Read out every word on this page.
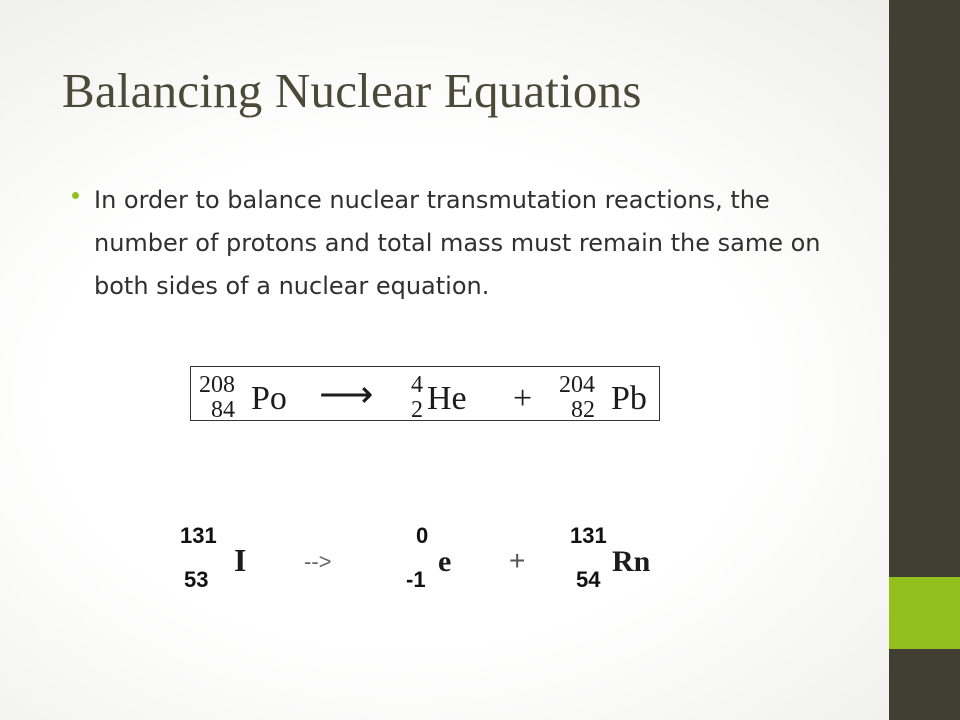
Balancing Nuclear Equations
In order to balance nuclear transmutation reactions, the number of protons and total mass must remain the same on both sides of a nuclear equation.
208
84 Po ⟶ 4
2 He + 204
82 Pb
131
53
I	-->
0
-1
e +
131
54
Rn
